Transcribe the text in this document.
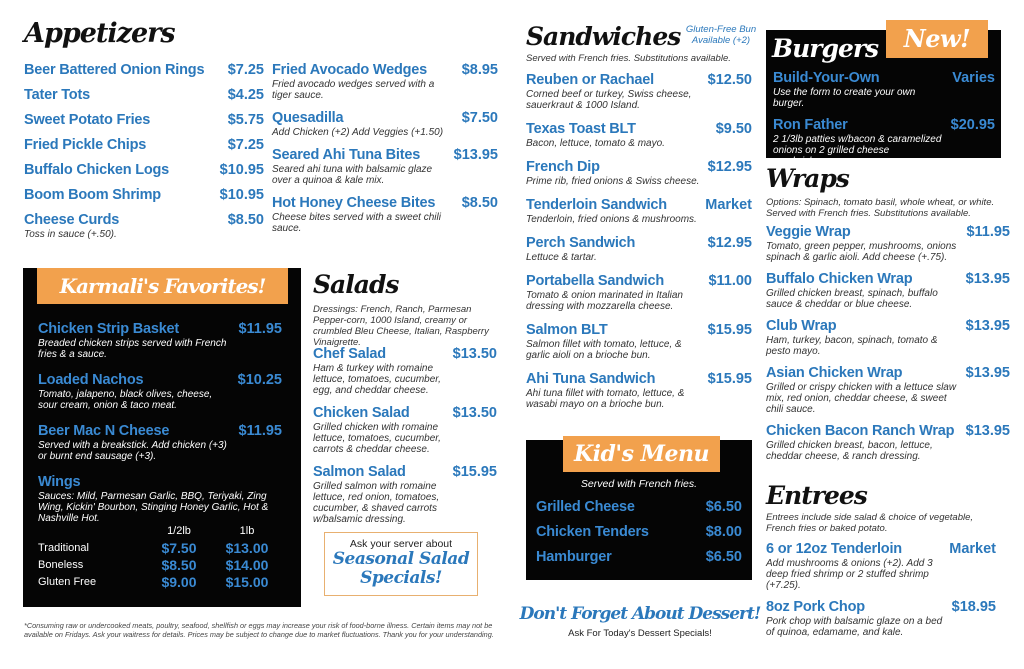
Appetizers
Beer Battered Onion Rings $7.25
Tater Tots	$4.25
Sweet Potato Fries	$5.75
Fried Pickle Chips	$7.25
Buffalo Chicken Logs	$10.95
Boom Boom Shrimp	$10.95
Cheese Curds	$8.50
Toss in sauce (+.50).
Fried Avocado Wedges $8.95
Fried avocado wedges served with a tiger sauce.
Quesadilla	$7.50
Add Chicken (+2) Add Veggies (+1.50)
Seared Ahi Tuna Bites $13.95
Seared ahi tuna with balsamic glaze over a quinoa & kale mix.
Hot Honey Cheese Bites $8.50
Cheese bites served with a sweet chili sauce.
Karmali's Favorites!
Chicken Strip Basket	$11.95
Breaded chicken strips served with French fries & a sauce.
Loaded Nachos	$10.25
Tomato, jalapeno, black olives, cheese, sour cream, onion & taco meat.
Beer Mac N Cheese	$11.95
Served with a breakstick. Add chicken (+3) or burnt end sausage (+3).
Wings
Sauces: Mild, Parmesan Garlic, BBQ, Teriyaki, Zing Wing, Kickin' Bourbon, Stinging Honey Garlic, Hot & Nashville Hot.
	1/2lb	1lb
Traditional	$7.50	$13.00
Boneless	$8.50	$14.00
Gluten Free	$9.00	$15.00
Salads
Dressings: French, Ranch, Parmesan Pepper-corn, 1000 Island, creamy or crumbled Bleu Cheese, Italian, Raspberry Vinaigrette.
Chef Salad	$13.50
Ham & turkey with romaine lettuce, tomatoes, cucumber, egg, and cheddar cheese.
Chicken Salad	$13.50
Grilled chicken with romaine lettuce, tomatoes, cucumber, carrots & cheddar cheese.
Salmon Salad	$15.95
Grilled salmon with romaine lettuce, red onion, tomatoes, cucumber, & shaved carrots w/balsamic dressing.
Ask your server about
Seasonal Salad Specials!
*Consuming raw or undercooked meats, poultry, seafood, shellfish or eggs may increase your risk of food-borne illness. Certain items may not be available on Fridays. Ask your waitress for details. Prices may be subject to change due to market fluctuations. Thank you for your understanding.
Sandwiches Gluten-Free Bun Available (+2)
Served with French fries. Substitutions available.
Reuben or Rachael	$12.50
Corned beef or turkey, Swiss cheese, sauerkraut & 1000 Island.
Texas Toast BLT	$9.50
Bacon, lettuce, tomato & mayo.
French Dip	$12.95
Prime rib, fried onions & Swiss cheese.
Tenderloin Sandwich	Market
Tenderloin, fried onions & mushrooms.
Perch Sandwich	$12.95
Lettuce & tartar.
Portabella Sandwich	$11.00
Tomato & onion marinated in Italian dressing with mozzarella cheese.
Salmon BLT	$15.95
Salmon fillet with tomato, lettuce, & garlic aioli on a brioche bun.
Ahi Tuna Sandwich	$15.95
Ahi tuna fillet with tomato, lettuce, & wasabi mayo on a brioche bun.
Kid's Menu
Served with French fries.
Grilled Cheese	$6.50
Chicken Tenders	$8.00
Hamburger	$6.50
Don't Forget About Dessert!
Ask For Today's Dessert Specials!
Burgers	New!
Build-Your-Own	Varies
Use the form to create your own burger.
Ron Father	$20.95
2 1/3lb patties w/bacon & caramelized onions on 2 grilled cheese sandwiches.
Wraps
Options: Spinach, tomato basil, whole wheat, or white. Served with French fries. Substitutions available.
Veggie Wrap	$11.95
Tomato, green pepper, mushrooms, onions spinach & garlic aioli. Add cheese (+.75).
Buffalo Chicken Wrap	$13.95
Grilled chicken breast, spinach, buffalo sauce & cheddar or blue cheese.
Club Wrap	$13.95
Ham, turkey, bacon, spinach, tomato & pesto mayo.
Asian Chicken Wrap	$13.95
Grilled or crispy chicken with a lettuce slaw mix, red onion, cheddar cheese, & sweet chili sauce.
Chicken Bacon Ranch Wrap $13.95
Grilled chicken breast, bacon, lettuce, cheddar cheese, & ranch dressing.
Entrees
Entrees include side salad & choice of vegetable, French fries or baked potato.
6 or 12oz Tenderloin	Market
Add mushrooms & onions (+2). Add 3 deep fried shrimp or 2 stuffed shrimp (+7.25).
8oz Pork Chop	$18.95
Pork chop with balsamic glaze on a bed of quinoa, edamame, and kale.
